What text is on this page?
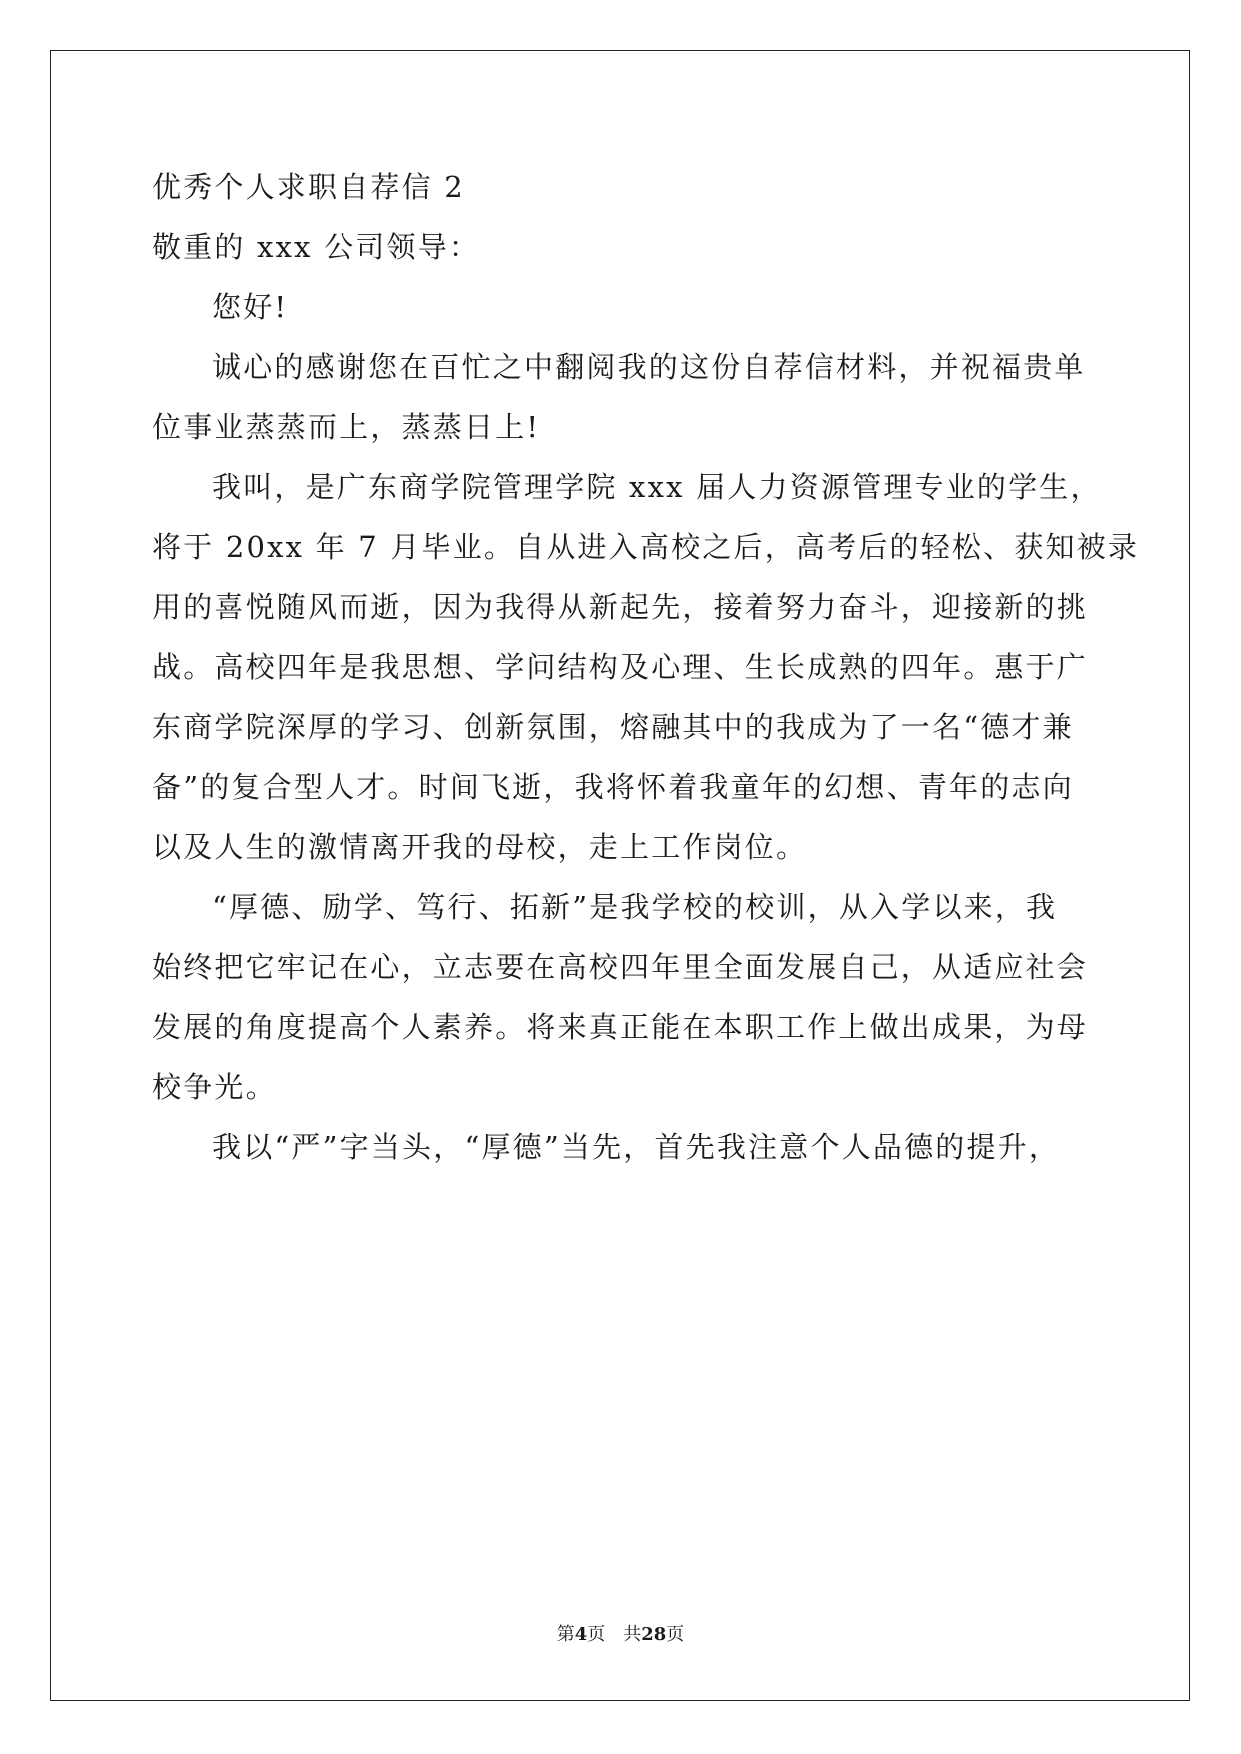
优秀个人求职自荐信 2
敬重的 xxx 公司领导：
您好!
诚心的感谢您在百忙之中翻阅我的这份自荐信材料，并祝福贵单
位事业蒸蒸而上，蒸蒸日上!
我叫，是广东商学院管理学院 xxx 届人力资源管理专业的学生，
将于 20xx 年 7 月毕业。自从进入高校之后，高考后的轻松、获知被录
用的喜悦随风而逝，因为我得从新起先，接着努力奋斗，迎接新的挑
战。高校四年是我思想、学问结构及心理、生长成熟的四年。惠于广
东商学院深厚的学习、创新氛围，熔融其中的我成为了一名“德才兼
备”的复合型人才。时间飞逝，我将怀着我童年的幻想、青年的志向
以及人生的激情离开我的母校，走上工作岗位。
“厚德、励学、笃行、拓新”是我学校的校训，从入学以来，我
始终把它牢记在心，立志要在高校四年里全面发展自己，从适应社会
发展的角度提高个人素养。将来真正能在本职工作上做出成果，为母
校争光。
我以“严”字当头，“厚德”当先，首先我注意个人品德的提升，
第4页　共28页
